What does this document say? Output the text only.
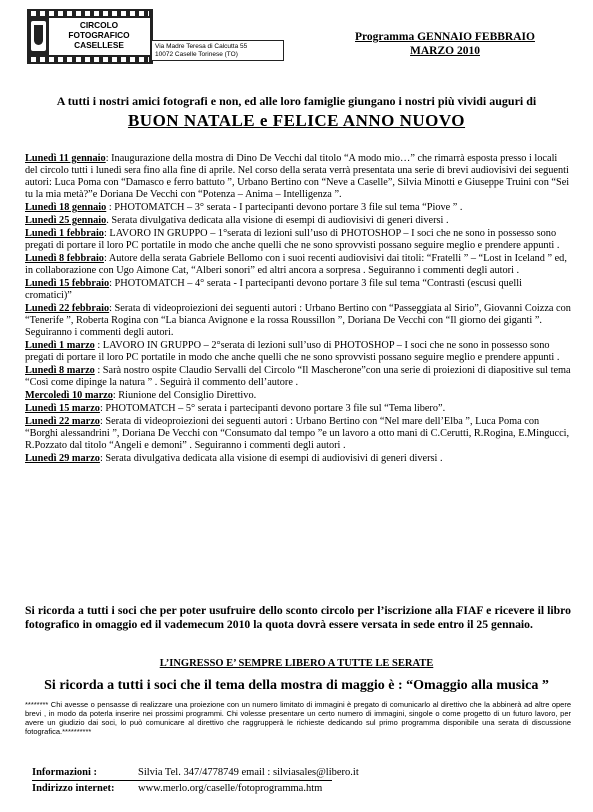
CIRCOLO
FOTOGRAFICO
CASELLESE	Via Madre Teresa di Calcutta 55
10072 Caselle Torinese (TO)
Programma GENNAIO FEBBRAIO
MARZO 2010
A tutti i nostri amici fotografi e non, ed alle loro famiglie giungano i nostri più vividi auguri di
BUON NATALE e FELICE ANNO NUOVO
Lunedì 11 gennaio: Inaugurazione della mostra di Dino De Vecchi dal titolo “A modo mio…” che rimarrà esposta presso i locali del circolo tutti i lunedì sera fino alla fine di aprile. Nel corso della serata verrà presentata una serie di brevi audiovisivi dei seguenti autori: Luca Poma con “Damasco e ferro battuto ”, Urbano Bertino con “Neve a Caselle”, Silvia Minotti e Giuseppe Truini con “Sei tu la mia metà?”e Doriana De Vecchi con “Potenza – Anima – Intelligenza ”.
Lunedì 18 gennaio : PHOTOMATCH – 3° serata - I partecipanti devono portare 3 file sul tema “Piove ” .
Lunedì 25 gennaio. Serata divulgativa dedicata alla visione di esempi di audiovisivi di generi diversi .
Lunedì 1 febbraio: LAVORO IN GRUPPO – 1°serata di lezioni sull’uso di PHOTOSHOP – I soci che ne sono in possesso sono pregati di portare il loro PC portatile in modo che anche quelli che ne sono sprovvisti possano seguire meglio e prendere appunti .
Lunedì 8 febbraio: Autore della serata Gabriele Bellomo con i suoi recenti audiovisivi dai titoli: “Fratelli ” – “Lost in Iceland ” ed, in collaborazione con Ugo Aimone Cat, “Alberi sonori” ed altri ancora a sorpresa . Seguiranno i commenti degli autori .
Lunedì 15 febbraio: PHOTOMATCH – 4° serata - I partecipanti devono portare 3 file sul tema “Contrasti (escusi quelli cromatici)”
Lunedì 22 febbraio: Serata di videoproiezioni dei seguenti autori : Urbano Bertino con “Passeggiata al Sirio”, Giovanni Coizza con “Tenerife ”, Roberta Rogina con “La bianca Avignone e la rossa Roussillon ”, Doriana De Vecchi con “Il giorno dei giganti ”. Seguiranno i commenti degli autori.
Lunedì 1 marzo : LAVORO IN GRUPPO – 2°serata di lezioni sull’uso di PHOTOSHOP – I soci che ne sono in possesso sono pregati di portare il loro PC portatile in modo che anche quelli che ne sono sprovvisti possano seguire meglio e prendere appunti .
Lunedì 8 marzo : Sarà nostro ospite Claudio Servalli del Circolo “Il Mascherone”con una serie di proiezioni di diapositive sul tema “Così come dipinge la natura ” . Seguirà il commento dell’autore .
Mercoledì 10 marzo: Riunione del Consiglio Direttivo.
Lunedì 15 marzo: PHOTOMATCH – 5° serata i partecipanti devono portare 3 file sul “Tema libero”.
Lunedì 22 marzo: Serata di videoproiezioni dei seguenti autori : Urbano Bertino con “Nel mare dell’Elba ”, Luca Poma con “Borghi alessandrini ”, Doriana De Vecchi con “Consumato dal tempo ”e un lavoro a otto mani di C.Cerutti, R.Rogina, E.Mingucci, R.Pozzato dal titolo “Angeli e demoni” . Seguiranno i commenti degli autori .
Lunedì 29 marzo: Serata divulgativa dedicata alla visione di esempi di audiovisivi di generi diversi .
Si ricorda a tutti i soci che per poter usufruire dello sconto circolo per l’iscrizione alla FIAF e ricevere il libro fotografico in omaggio ed il vademecum 2010 la quota dovrà essere versata in sede entro il 25 gennaio.
L’INGRESSO E’ SEMPRE LIBERO A TUTTE LE SERATE
Si ricorda a tutti i soci che il tema della mostra di maggio è : “Omaggio alla musica ”
******** Chi avesse o pensasse di realizzare una proiezione con un numero limitato di immagini è pregato di comunicarlo al direttivo che la abbinerà ad altre opere brevi , in modo da poterla inserire nei prossimi programmi. Chi volesse presentare un certo numero di immagini, singole o come progetto di un futuro lavoro, per avere un giudizio dai soci, lo può comunicare al direttivo che raggrupperà le richieste dedicando sul primo programma disponibile una serata di discussione fotografica.**********
Informazioni :	Silvia Tel. 347/4778749 email : silviasales@libero.it
Indirizzo internet: www.merlo.org/caselle/fotoprogramma.htm
